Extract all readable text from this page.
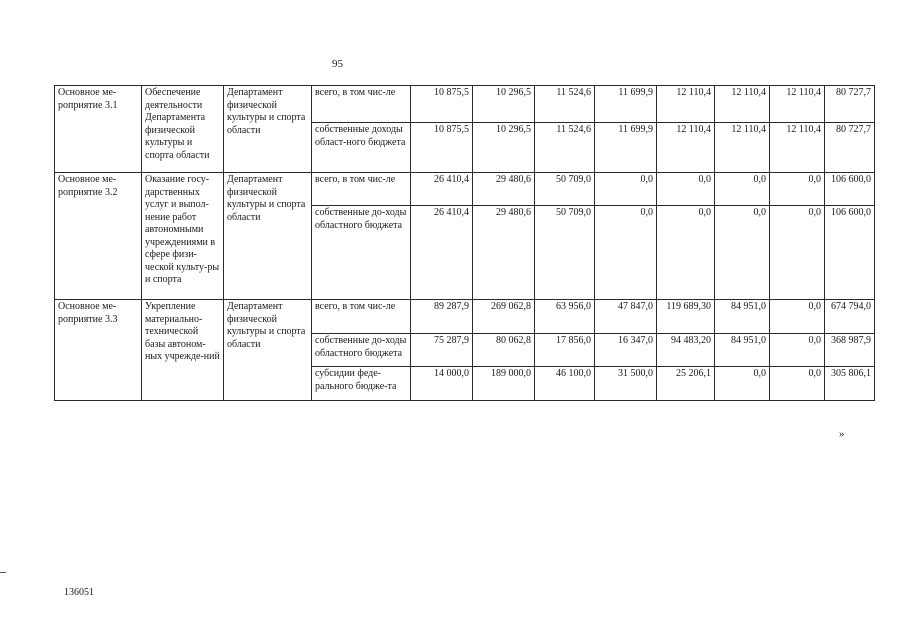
95
Основное ме-роприятие 3.1	Обеспечение деятельности Департамента физической культуры и спорта области	Департамент физической культуры и спорта области	всего, в том чис-ле	10 875,5	10 296,5	11 524,6	11 699,9	12 110,4	12 110,4	12 110,4	80 727,7
			собственные доходы област-ного бюджета	10 875,5	10 296,5	11 524,6	11 699,9	12 110,4	12 110,4	12 110,4	80 727,7
Основное ме-роприятие 3.2	Оказание госу-дарственных услуг и выпол-нение работ автономными учреждениями в сфере физи-ческой культу-ры и спорта	Департамент физической культуры и спорта области	всего, в том чис-ле	26 410,4	29 480,6	50 709,0	0,0	0,0	0,0	0,0	106 600,0
			собственные до-ходы областного бюджета	26 410,4	29 480,6	50 709,0	0,0	0,0	0,0	0,0	106 600,0
Основное ме-роприятие 3.3	Укрепление материально-технической базы автоном-ных учрежде-ний	Департамент физической культуры и спорта области	всего, в том чис-ле	89 287,9	269 062,8	63 956,0	47 847,0	119 689,30	84 951,0	0,0	674 794,0
			собственные до-ходы областного бюджета	75 287,9	80 062,8	17 856,0	16 347,0	94 483,20	84 951,0	0,0	368 987,9
			субсидии феде-рального бюдже-та	14 000,0	189 000,0	46 100,0	31 500,0	25 206,1	0,0	0,0	305 806,1
»
136051
